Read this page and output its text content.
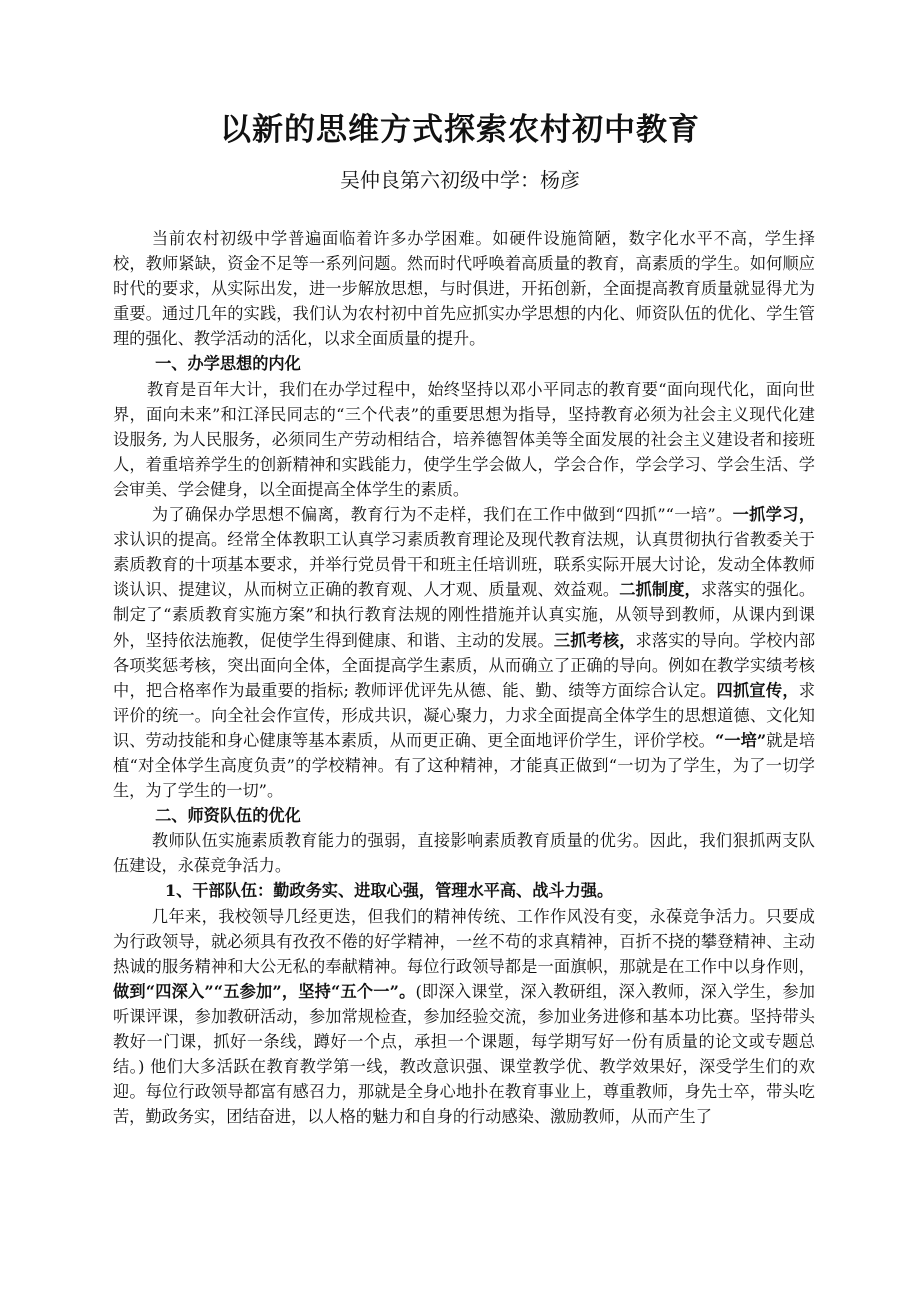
以新的思维方式探索农村初中教育

吴仲良第六初级中学：杨彦

当前农村初级中学普遍面临着许多办学困难。如硬件设施简陋，数字化水平不高，学生择校，教师紧缺，资金不足等一系列问题。然而时代呼唤着高质量的教育，高素质的学生。如何顺应时代的要求，从实际出发，进一步解放思想，与时俱进，开拓创新，全面提高教育质量就显得尤为重要。通过几年的实践，我们认为农村初中首先应抓实办学思想的内化、师资队伍的优化、学生管理的强化、教学活动的活化，以求全面质量的提升。

一、办学思想的内化

教育是百年大计，我们在办学过程中，始终坚持以邓小平同志的教育要“面向现代化，面向世界，面向未来”和江泽民同志的“三个代表”的重要思想为指导，坚持教育必须为社会主义现代化建设服务, 为人民服务，必须同生产劳动相结合，培养德智体美等全面发展的社会主义建设者和接班人，着重培养学生的创新精神和实践能力，使学生学会做人，学会合作，学会学习、学会生活、学会审美、学会健身，以全面提高全体学生的素质。

为了确保办学思想不偏离，教育行为不走样，我们在工作中做到“四抓”“一培”。一抓学习，求认识的提高。经常全体教职工认真学习素质教育理论及现代教育法规，认真贯彻执行省教委关于素质教育的十项基本要求，并举行党员骨干和班主任培训班，联系实际开展大讨论，发动全体教师谈认识、提建议，从而树立正确的教育观、人才观、质量观、效益观。二抓制度，求落实的强化。制定了“素质教育实施方案”和执行教育法规的刚性措施并认真实施，从领导到教师，从课内到课外，坚持依法施教，促使学生得到健康、和谐、主动的发展。三抓考核，求落实的导向。学校内部各项奖惩考核，突出面向全体，全面提高学生素质，从而确立了正确的导向。例如在教学实绩考核中，把合格率作为最重要的指标; 教师评优评先从德、能、勤、绩等方面综合认定。四抓宣传，求评价的统一。向全社会作宣传，形成共识，凝心聚力，力求全面提高全体学生的思想道德、文化知识、劳动技能和身心健康等基本素质，从而更正确、更全面地评价学生，评价学校。“一培”就是培植“对全体学生高度负责”的学校精神。有了这种精神，才能真正做到“一切为了学生，为了一切学生，为了学生的一切”。

二、师资队伍的优化

教师队伍实施素质教育能力的强弱，直接影响素质教育质量的优劣。因此，我们狠抓两支队伍建设，永葆竞争活力。

1、干部队伍：勤政务实、进取心强，管理水平高、战斗力强。

几年来，我校领导几经更迭，但我们的精神传统、工作作风没有变，永葆竞争活力。只要成为行政领导，就必须具有孜孜不倦的好学精神，一丝不苟的求真精神，百折不挠的攀登精神、主动热诚的服务精神和大公无私的奉献精神。每位行政领导都是一面旗帜，那就是在工作中以身作则，做到“四深入”“五参加”，坚持“五个一”。(即深入课堂，深入教研组，深入教师，深入学生，参加听课评课，参加教研活动，参加常规检查，参加经验交流，参加业务进修和基本功比赛。坚持带头教好一门课，抓好一条线，蹲好一个点，承担一个课题，每学期写好一份有质量的论文或专题总结。) 他们大多活跃在教育教学第一线，教改意识强、课堂教学优、教学效果好，深受学生们的欢迎。每位行政领导都富有感召力，那就是全身心地扑在教育事业上，尊重教师，身先士卒，带头吃苦，勤政务实，团结奋进，以人格的魅力和自身的行动感染、激励教师，从而产生了
